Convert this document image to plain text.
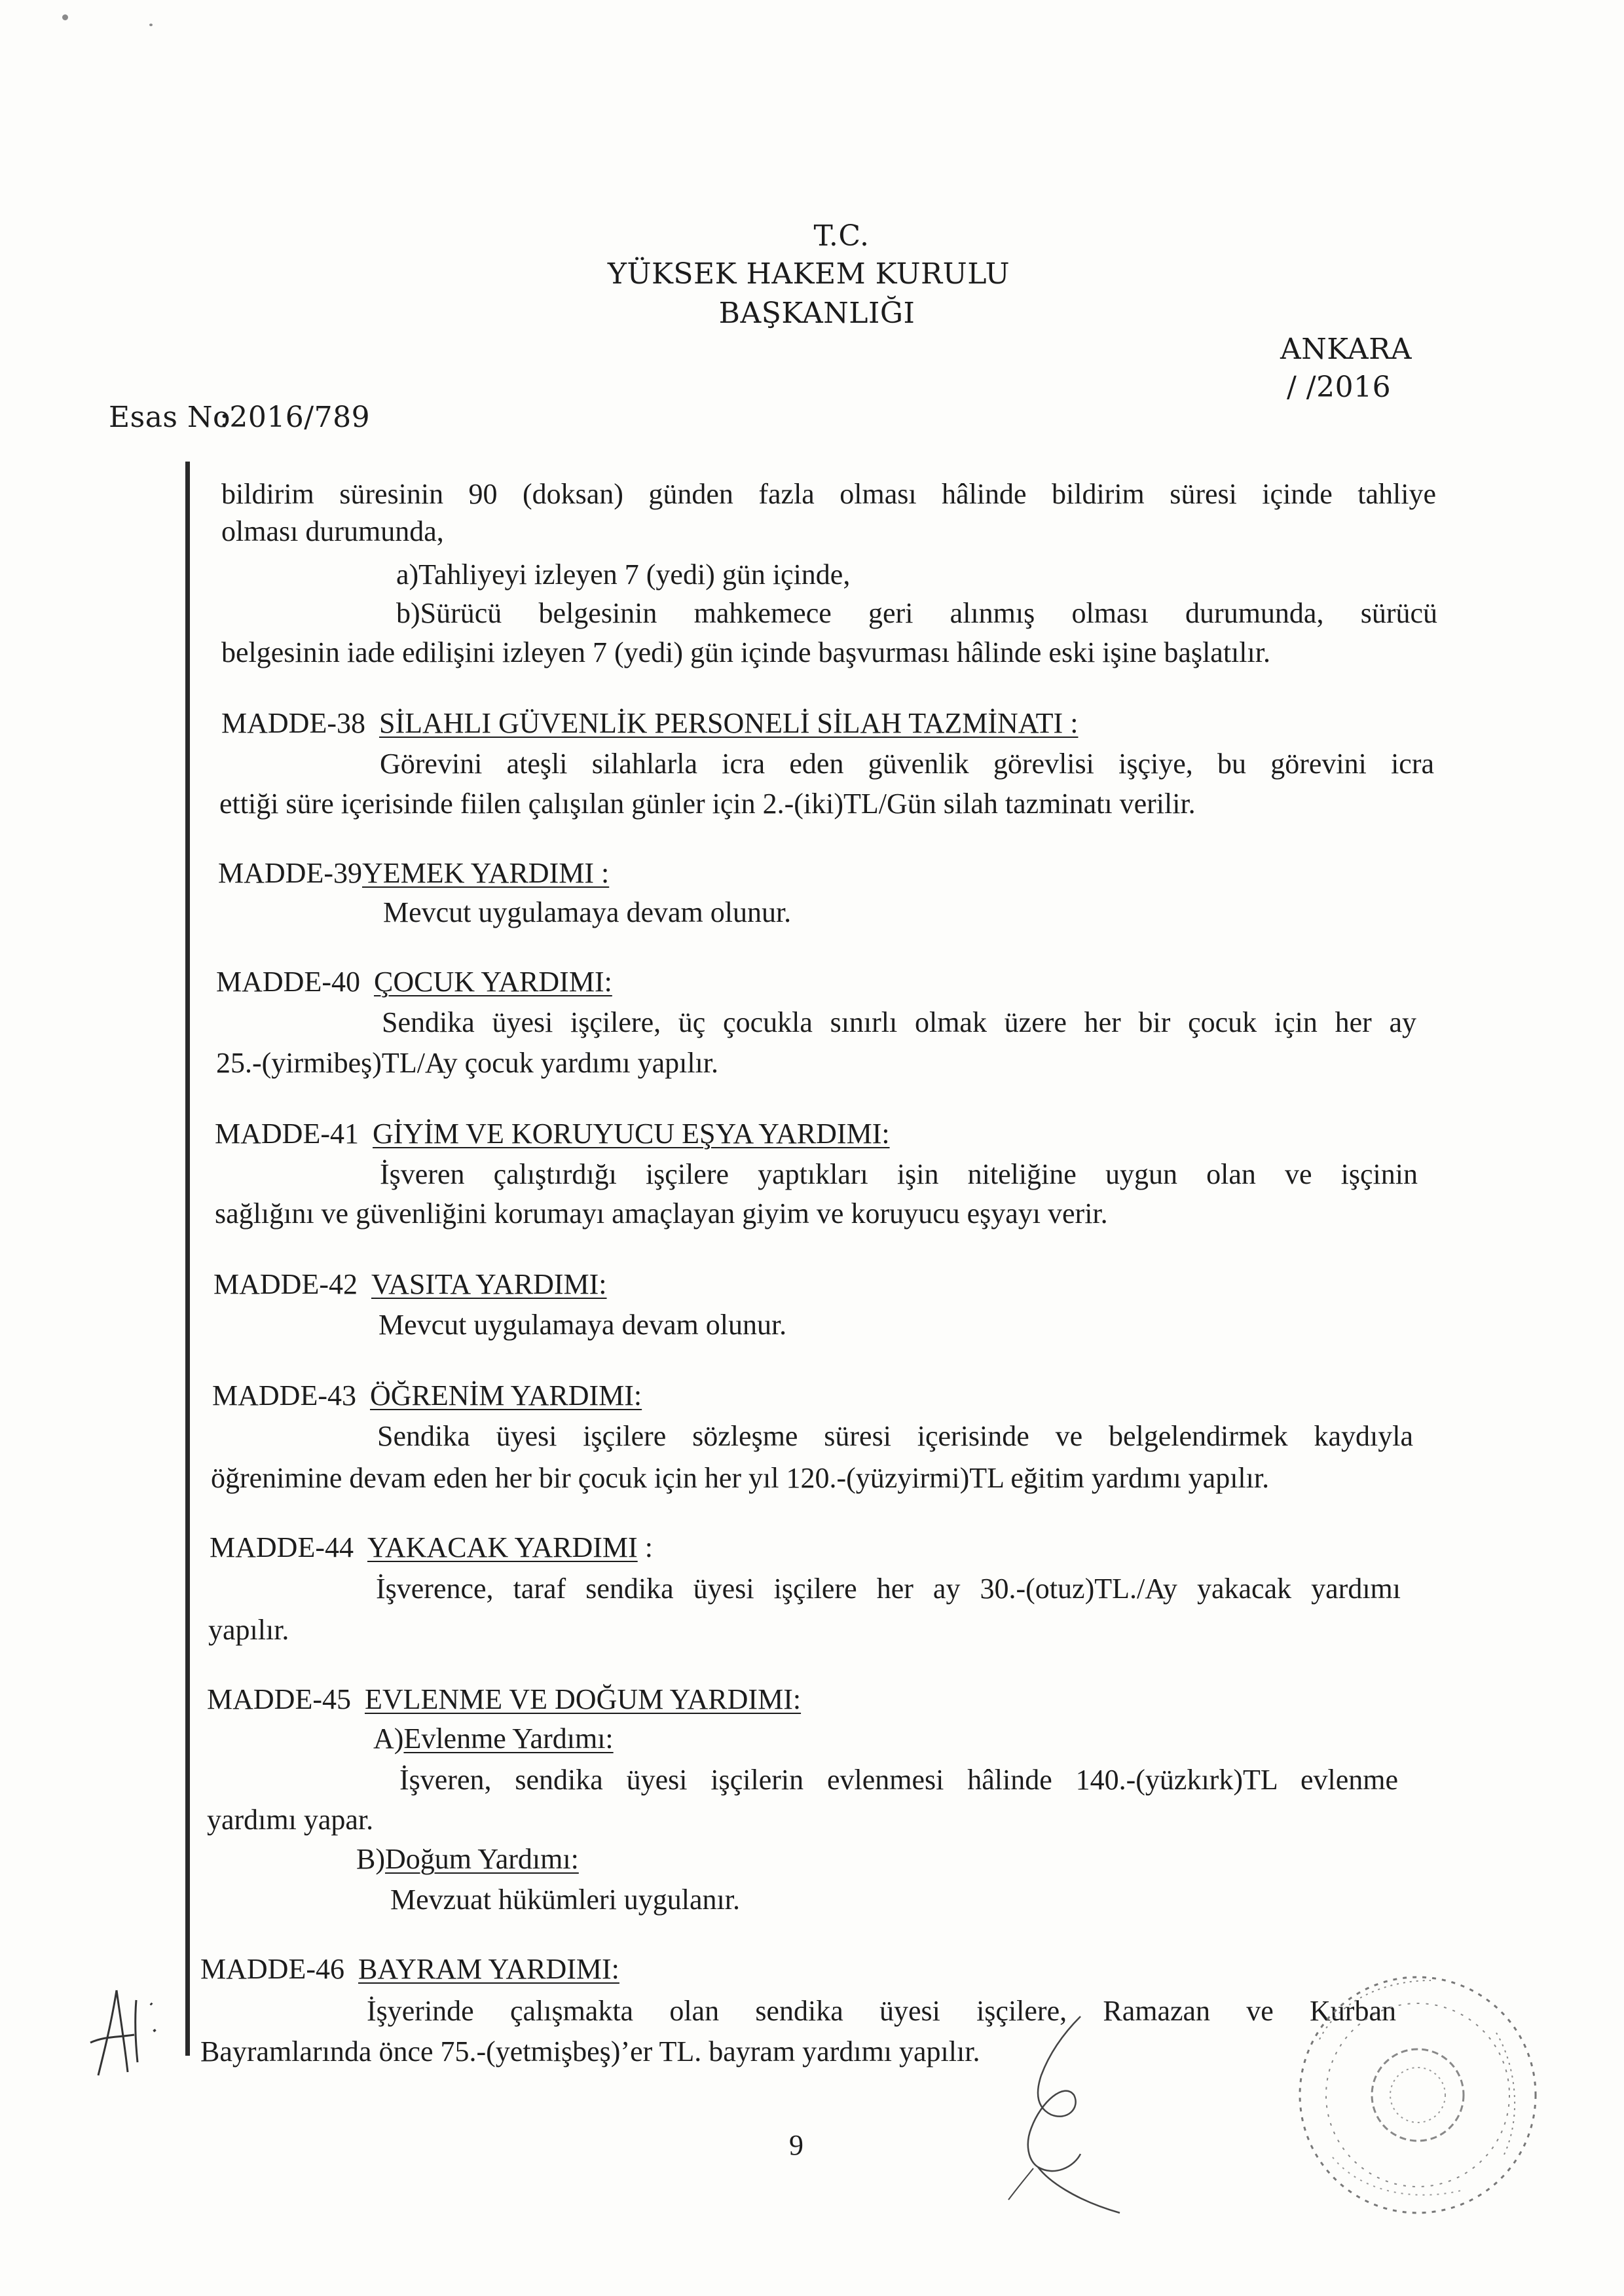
T.C.
YÜKSEK HAKEM KURULU
BAŞKANLIĞI
ANKARA
/ /2016
Esas No
:2016/789
bildirim süresinin 90 (doksan) günden fazla olması hâlinde bildirim süresi içinde tahliye
olması durumunda,
a)Tahliyeyi izleyen 7 (yedi) gün içinde,
b)Sürücü belgesinin mahkemece geri alınmış olması durumunda, sürücü
belgesinin iade edilişini izleyen 7 (yedi) gün içinde başvurması hâlinde eski işine başlatılır.
MADDE-38 SİLAHLI GÜVENLİK PERSONELİ SİLAH TAZMİNATI :
Görevini ateşli silahlarla icra eden güvenlik görevlisi işçiye, bu görevini icra
ettiği süre içerisinde fiilen çalışılan günler için 2.-(iki)TL/Gün silah tazminatı verilir.
MADDE-39YEMEK YARDIMI :
Mevcut uygulamaya devam olunur.
MADDE-40 ÇOCUK YARDIMI:
Sendika üyesi işçilere, üç çocukla sınırlı olmak üzere her bir çocuk için her ay
25.-(yirmibeş)TL/Ay çocuk yardımı yapılır.
MADDE-41 GİYİM VE KORUYUCU EŞYA YARDIMI:
İşveren çalıştırdığı işçilere yaptıkları işin niteliğine uygun olan ve işçinin
sağlığını ve güvenliğini korumayı amaçlayan giyim ve koruyucu eşyayı verir.
MADDE-42 VASITA YARDIMI:
Mevcut uygulamaya devam olunur.
MADDE-43 ÖĞRENİM YARDIMI:
Sendika üyesi işçilere sözleşme süresi içerisinde ve belgelendirmek kaydıyla
öğrenimine devam eden her bir çocuk için her yıl 120.-(yüzyirmi)TL eğitim yardımı yapılır.
MADDE-44 YAKACAK YARDIMI :
İşverence, taraf sendika üyesi işçilere her ay 30.-(otuz)TL./Ay yakacak yardımı
yapılır.
MADDE-45 EVLENME VE DOĞUM YARDIMI:
A)Evlenme Yardımı:
İşveren, sendika üyesi işçilerin evlenmesi hâlinde 140.-(yüzkırk)TL evlenme
yardımı yapar.
B)Doğum Yardımı:
Mevzuat hükümleri uygulanır.
MADDE-46 BAYRAM YARDIMI:
İşyerinde çalışmakta olan sendika üyesi işçilere, Ramazan ve Kurban
Bayramlarında önce 75.-(yetmişbeş)’er TL. bayram yardımı yapılır.
9
